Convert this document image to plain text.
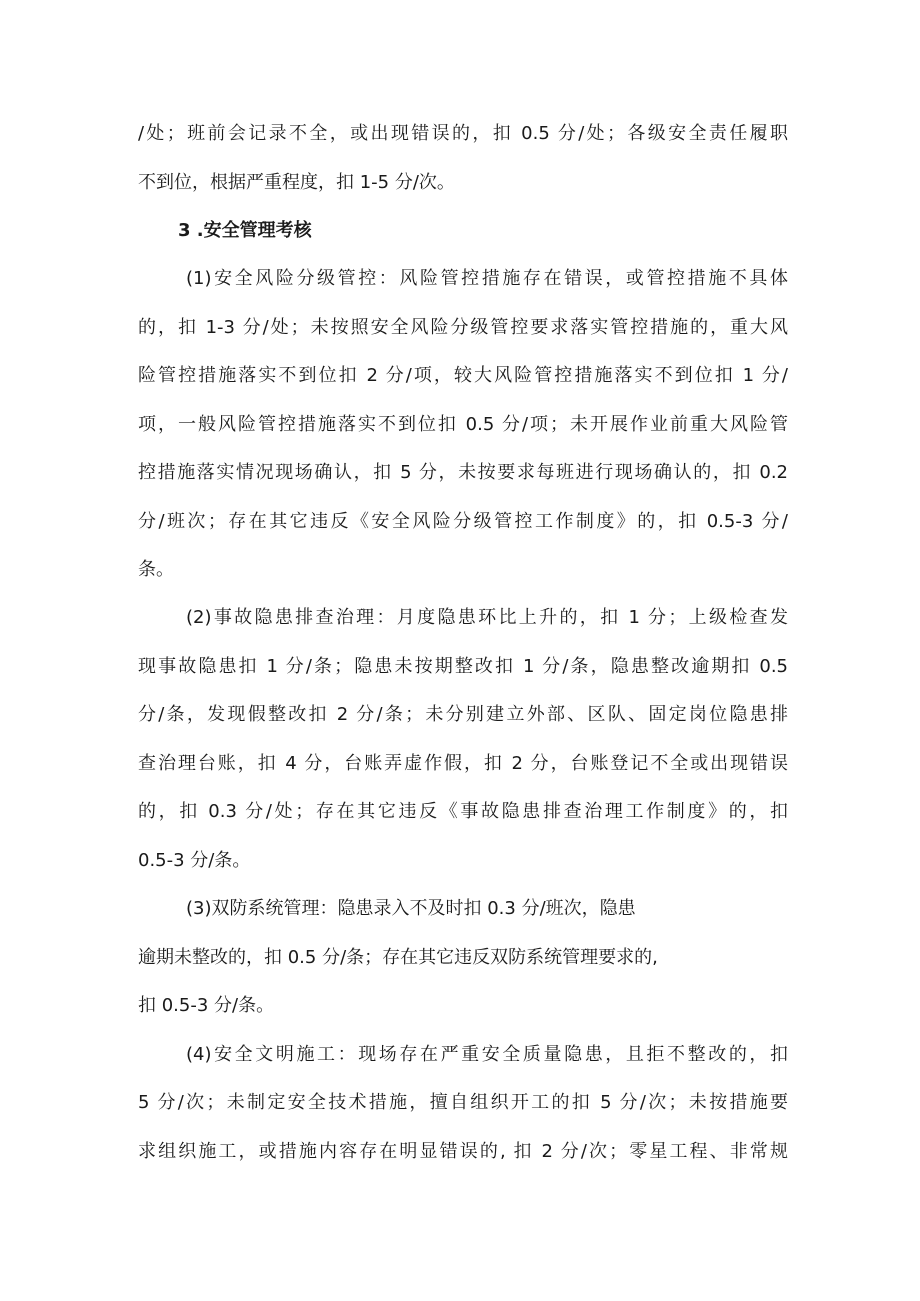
/处；班前会记录不全，或出现错误的，扣 0.5 分/处；各级安全责任履职
不到位，根据严重程度，扣 1-5 分/次。
3 .安全管理考核
(1)安全风险分级管控：风险管控措施存在错误，或管控措施不具体
的，扣 1-3 分/处；未按照安全风险分级管控要求落实管控措施的，重大风
险管控措施落实不到位扣 2 分/项，较大风险管控措施落实不到位扣 1 分/
项，一般风险管控措施落实不到位扣 0.5 分/项；未开展作业前重大风险管
控措施落实情况现场确认，扣 5 分，未按要求每班进行现场确认的，扣 0.2
分/班次；存在其它违反《安全风险分级管控工作制度》的，扣 0.5-3 分/
条。
(2)事故隐患排查治理：月度隐患环比上升的，扣 1 分；上级检查发
现事故隐患扣 1 分/条；隐患未按期整改扣 1 分/条，隐患整改逾期扣 0.5
分/条，发现假整改扣 2 分/条；未分别建立外部、区队、固定岗位隐患排
查治理台账，扣 4 分，台账弄虚作假，扣 2 分，台账登记不全或出现错误
的，扣 0.3 分/处；存在其它违反《事故隐患排查治理工作制度》的，扣
0.5-3 分/条。
(3)双防系统管理：隐患录入不及时扣 0.3 分/班次，隐患
逾期未整改的，扣 0.5 分/条；存在其它违反双防系统管理要求的,
扣 0.5-3 分/条。
(4)安全文明施工：现场存在严重安全质量隐患，且拒不整改的，扣
5 分/次；未制定安全技术措施，擅自组织开工的扣 5 分/次；未按措施要
求组织施工，或措施内容存在明显错误的, 扣 2 分/次；零星工程、非常规
